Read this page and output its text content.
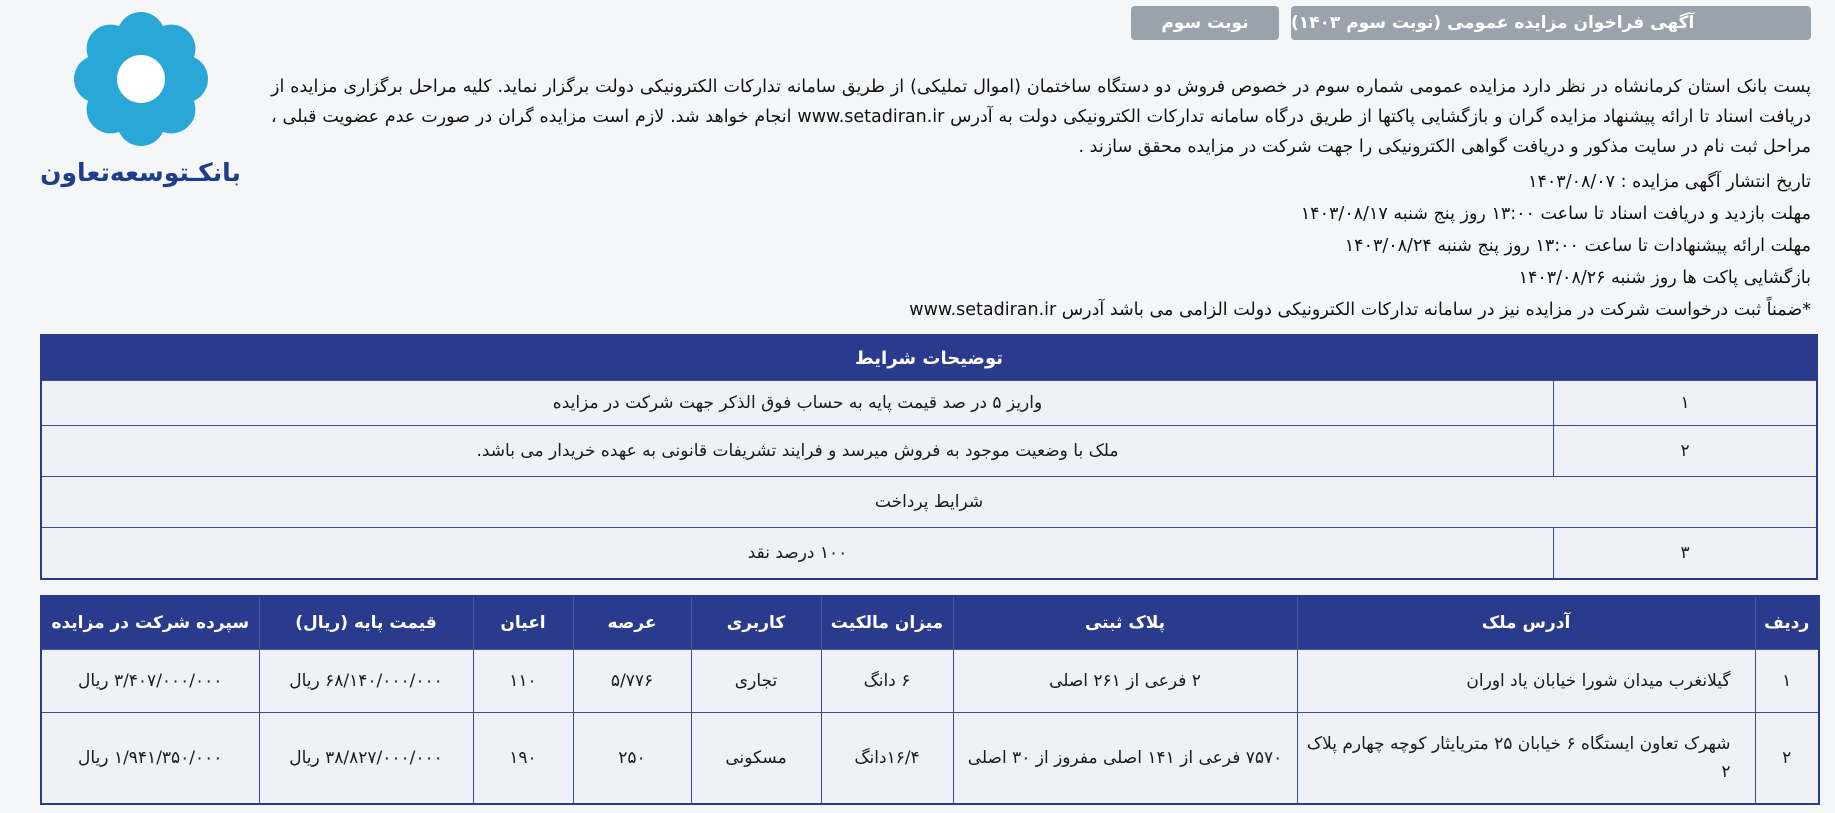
آگهی فراخوان مزایده عمومی (نوبت سوم ۱۴۰۳)
نوبت سوم
بانکـتوسعه‌تعاون
پست بانک استان کرمانشاه در نظر دارد مزایده عمومی شماره سوم در خصوص فروش دو دستگاه ساختمان (اموال تملیکی) از طریق سامانه تدارکات الکترونیکی دولت برگزار نماید. کلیه مراحل برگزاری مزایده از دریافت اسناد تا ارائه پیشنهاد مزایده گران و بازگشایی پاکتها از طریق درگاه سامانه تدارکات الکترونیکی دولت به آدرس www.setadiran.ir انجام خواهد شد. لازم است مزایده گران در صورت عدم عضویت قبلی ، مراحل ثبت نام در سایت مذکور و دریافت گواهی الکترونیکی را جهت شرکت در مزایده محقق سازند .
تاریخ انتشار آگهی مزایده : ۱۴۰۳/۰۸/۰۷
مهلت بازدید و دریافت اسناد تا ساعت ۱۳:۰۰ روز پنج شنبه ۱۴۰۳/۰۸/۱۷
مهلت ارائه پیشنهادات تا ساعت ۱۳:۰۰ روز پنج شنبه ۱۴۰۳/۰۸/۲۴
بازگشایی پاکت ها روز شنبه ۱۴۰۳/۰۸/۲۶
*ضمناً ثبت درخواست شرکت در مزایده نیز در سامانه تدارکات الکترونیکی دولت الزامی می باشد آدرس www.setadiran.ir
توضیحات شرایط
۱
واریز ۵ در صد قیمت پایه به حساب فوق الذکر جهت شرکت در مزایده
۲
ملک با وضعیت موجود به فروش میرسد و فرایند تشریفات قانونی به عهده خریدار می باشد.
شرایط پرداخت
۳
۱۰۰ درصد نقد
ردیف	آدرس ملک	پلاک ثبتی	میزان مالکیت	کاربری	عرصه	اعیان	قیمت پایه (ریال)	سپرده شرکت در مزایده
۱	گیلانغرب میدان شورا خیابان یاد اوران	۲ فرعی از ۲۶۱ اصلی	۶ دانگ	تجاری	۵/۷۷۶	۱۱۰	۶۸/۱۴۰/۰۰۰/۰۰۰ ریال	۳/۴۰۷/۰۰۰/۰۰۰ ریال
۲	شهرک تعاون ایستگاه ۶ خیابان ۲۵ متریایثار کوچه چهارم پلاک ۲	۷۵۷۰ فرعی از ۱۴۱ اصلی مفروز از ۳۰ اصلی	۱۶/۴دانگ	مسکونی	۲۵۰	۱۹۰	۳۸/۸۲۷/۰۰۰/۰۰۰ ریال	۱/۹۴۱/۳۵۰/۰۰۰ ریال
